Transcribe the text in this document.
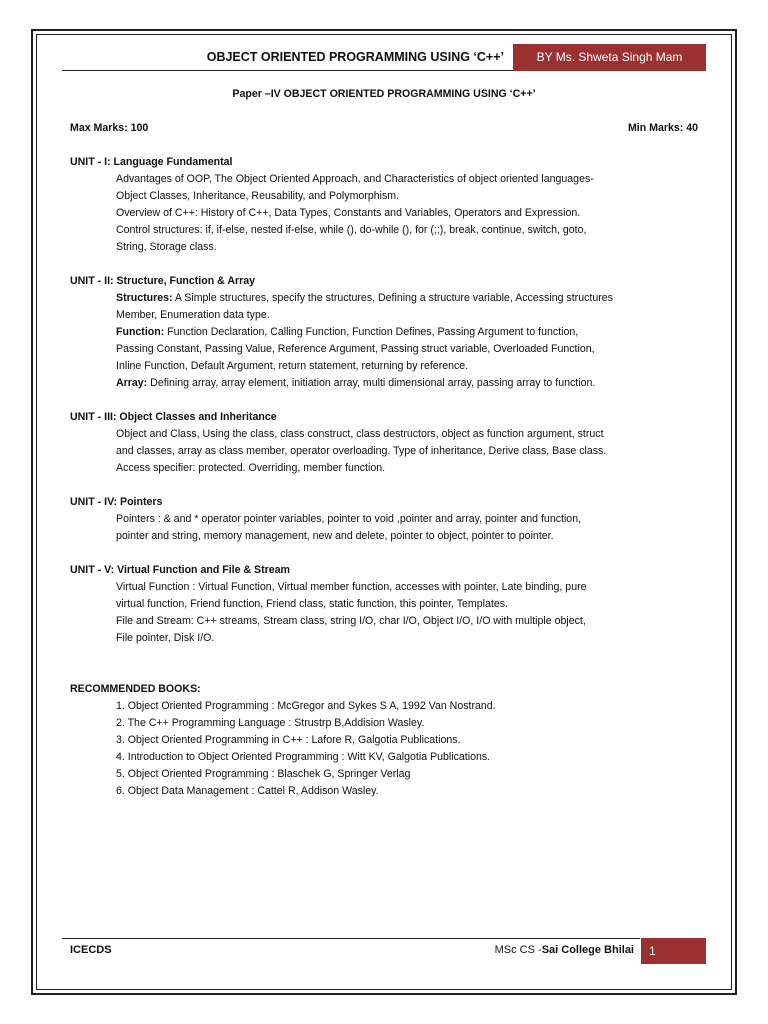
OBJECT ORIENTED PROGRAMMING USING ‘C++’	BY Ms. Shweta Singh Mam

Paper –IV OBJECT ORIENTED PROGRAMMING USING ‘C++’

Max Marks: 100	Min Marks: 40
UNIT - I: Language Fundamental

Advantages of OOP, The Object Oriented Approach, and Characteristics of object oriented languages-

Object Classes, Inheritance, Reusability, and Polymorphism.

Overview of C++: History of C++, Data Types, Constants and Variables, Operators and Expression.

Control structures: if, if-else, nested if-else, while (), do-while (), for (;;), break, continue, switch, goto,

String, Storage class.

UNIT - II: Structure, Function & Array

Structures: A Simple structures, specify the structures, Defining a structure variable, Accessing structures

Member, Enumeration data type.

Function: Function Declaration, Calling Function, Function Defines, Passing Argument to function,

Passing Constant, Passing Value, Reference Argument, Passing struct variable, Overloaded Function,

Inline Function, Default Argument, return statement, returning by reference.

Array: Defining array, array element, initiation array, multi dimensional array, passing array to function.

UNIT - III: Object Classes and Inheritance

Object and Class, Using the class, class construct, class destructors, object as function argument, struct

and classes, array as class member, operator overloading. Type of inheritance, Derive class, Base class.

Access specifier: protected. Overriding, member function.

UNIT - IV: Pointers

Pointers : & and * operator pointer variables, pointer to void ,pointer and array, pointer and function,

pointer and string, memory management, new and delete, pointer to object, pointer to pointer.

UNIT - V: Virtual Function and File & Stream

Virtual Function : Virtual Function, Virtual member function, accesses with pointer, Late binding, pure

virtual function, Friend function, Friend class, static function, this pointer, Templates.

File and Stream: C++ streams, Stream class, string I/O, char I/O, Object I/O, I/O with multiple object,

File pointer, Disk I/O.

RECOMMENDED BOOKS:
1. Object Oriented Programming : McGregor and Sykes S A, 1992 Van Nostrand.
2. The C++ Programming Language : Strustrp B,Addision Wasley.
3. Object Oriented Programming in C++ : Lafore R, Galgotia Publications.
4. Introduction to Object Oriented Programming : Witt KV, Galgotia Publications.
5. Object Oriented Programming : Blaschek G, Springer Verlag
6. Object Data Management : Cattel R, Addison Wasley.
ICECDS	MSc CS -Sai College Bhilai	1
